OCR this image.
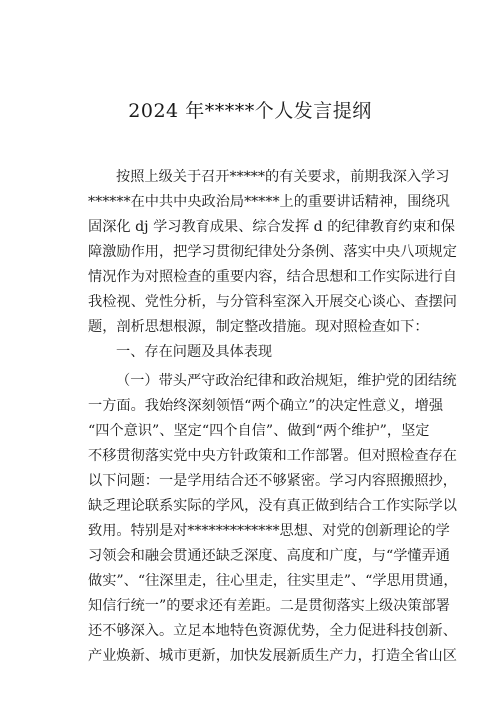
2024 年*****个人发言提纲
按照上级关于召开*****的有关要求，前期我深入学习
******在中共中央政治局*****上的重要讲话精神，围绕巩
固深化 dj 学习教育成果、综合发挥 d 的纪律教育约束和保
障激励作用，把学习贯彻纪律处分条例、落实中央八项规定
情况作为对照检查的重要内容，结合思想和工作实际进行自
我检视、党性分析，与分管科室深入开展交心谈心、查摆问
题，剖析思想根源，制定整改措施。现对照检查如下：
一、存在问题及具体表现
（一）带头严守政治纪律和政治规矩，维护党的团结统
一方面。我始终深刻领悟“两个确立”的决定性意义，增强
“四个意识”、坚定“四个自信”、做到“两个维护”，坚定
不移贯彻落实党中央方针政策和工作部署。但对照检查存在
以下问题：一是学用结合还不够紧密。学习内容照搬照抄，
缺乏理论联系实际的学风，没有真正做到结合工作实际学以
致用。特别是对*************思想、对党的创新理论的学
习领会和融会贯通还缺乏深度、高度和广度，与“学懂弄通
做实”、“往深里走，往心里走，往实里走”、“学思用贯通，
知信行统一”的要求还有差距。二是贯彻落实上级决策部署
还不够深入。立足本地特色资源优势，全力促进科技创新、
产业焕新、城市更新，加快发展新质生产力，打造全省山区
